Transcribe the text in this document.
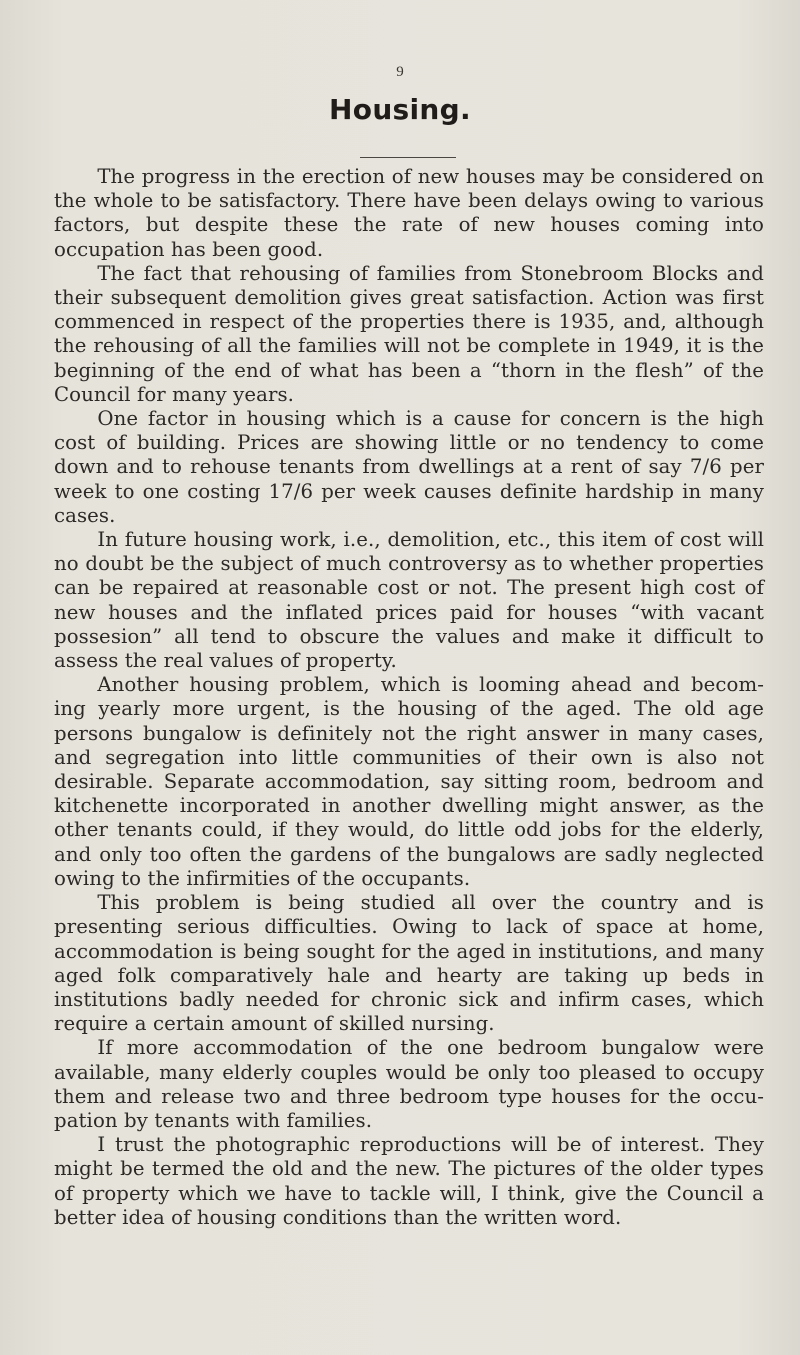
9
Housing.

The progress in the erection of new houses may be considered on the whole to be satisfactory. There have been delays owing to various factors, but despite these the rate of new houses coming into occupation has been good.

The fact that rehousing of families from Stonebroom Blocks and their subsequent demolition gives great satisfaction. Action was first commenced in respect of the properties there is 1935, and, although the rehousing of all the families will not be complete in 1949, it is the beginning of the end of what has been a “thorn in the flesh” of the Council for many years.

One factor in housing which is a cause for concern is the high cost of building. Prices are showing little or no tendency to come down and to rehouse tenants from dwellings at a rent of say 7/6 per week to one costing 17/6 per week causes definite hardship in many cases.

In future housing work, i.e., demolition, etc., this item of cost will no doubt be the subject of much controversy as to whether properties can be repaired at reasonable cost or not. The present high cost of new houses and the inflated prices paid for houses “with vacant possesion” all tend to obscure the values and make it difficult to assess the real values of property.

Another housing problem, which is looming ahead and becom- ing yearly more urgent, is the housing of the aged. The old age persons bungalow is definitely not the right answer in many cases, and segregation into little communities of their own is also not desirable. Separate accommodation, say sitting room, bedroom and kitchenette incorporated in another dwelling might answer, as the other tenants could, if they would, do little odd jobs for the elderly, and only too often the gardens of the bungalows are sadly neglected owing to the infirmities of the occupants.

This problem is being studied all over the country and is presenting serious difficulties. Owing to lack of space at home, accommodation is being sought for the aged in institutions, and many aged folk comparatively hale and hearty are taking up beds in institutions badly needed for chronic sick and infirm cases, which require a certain amount of skilled nursing.

If more accommodation of the one bedroom bungalow were available, many elderly couples would be only too pleased to occupy them and release two and three bedroom type houses for the occu- pation by tenants with families.

I trust the photographic reproductions will be of interest. They might be termed the old and the new. The pictures of the older types of property which we have to tackle will, I think, give the Council a better idea of housing conditions than the written word.
